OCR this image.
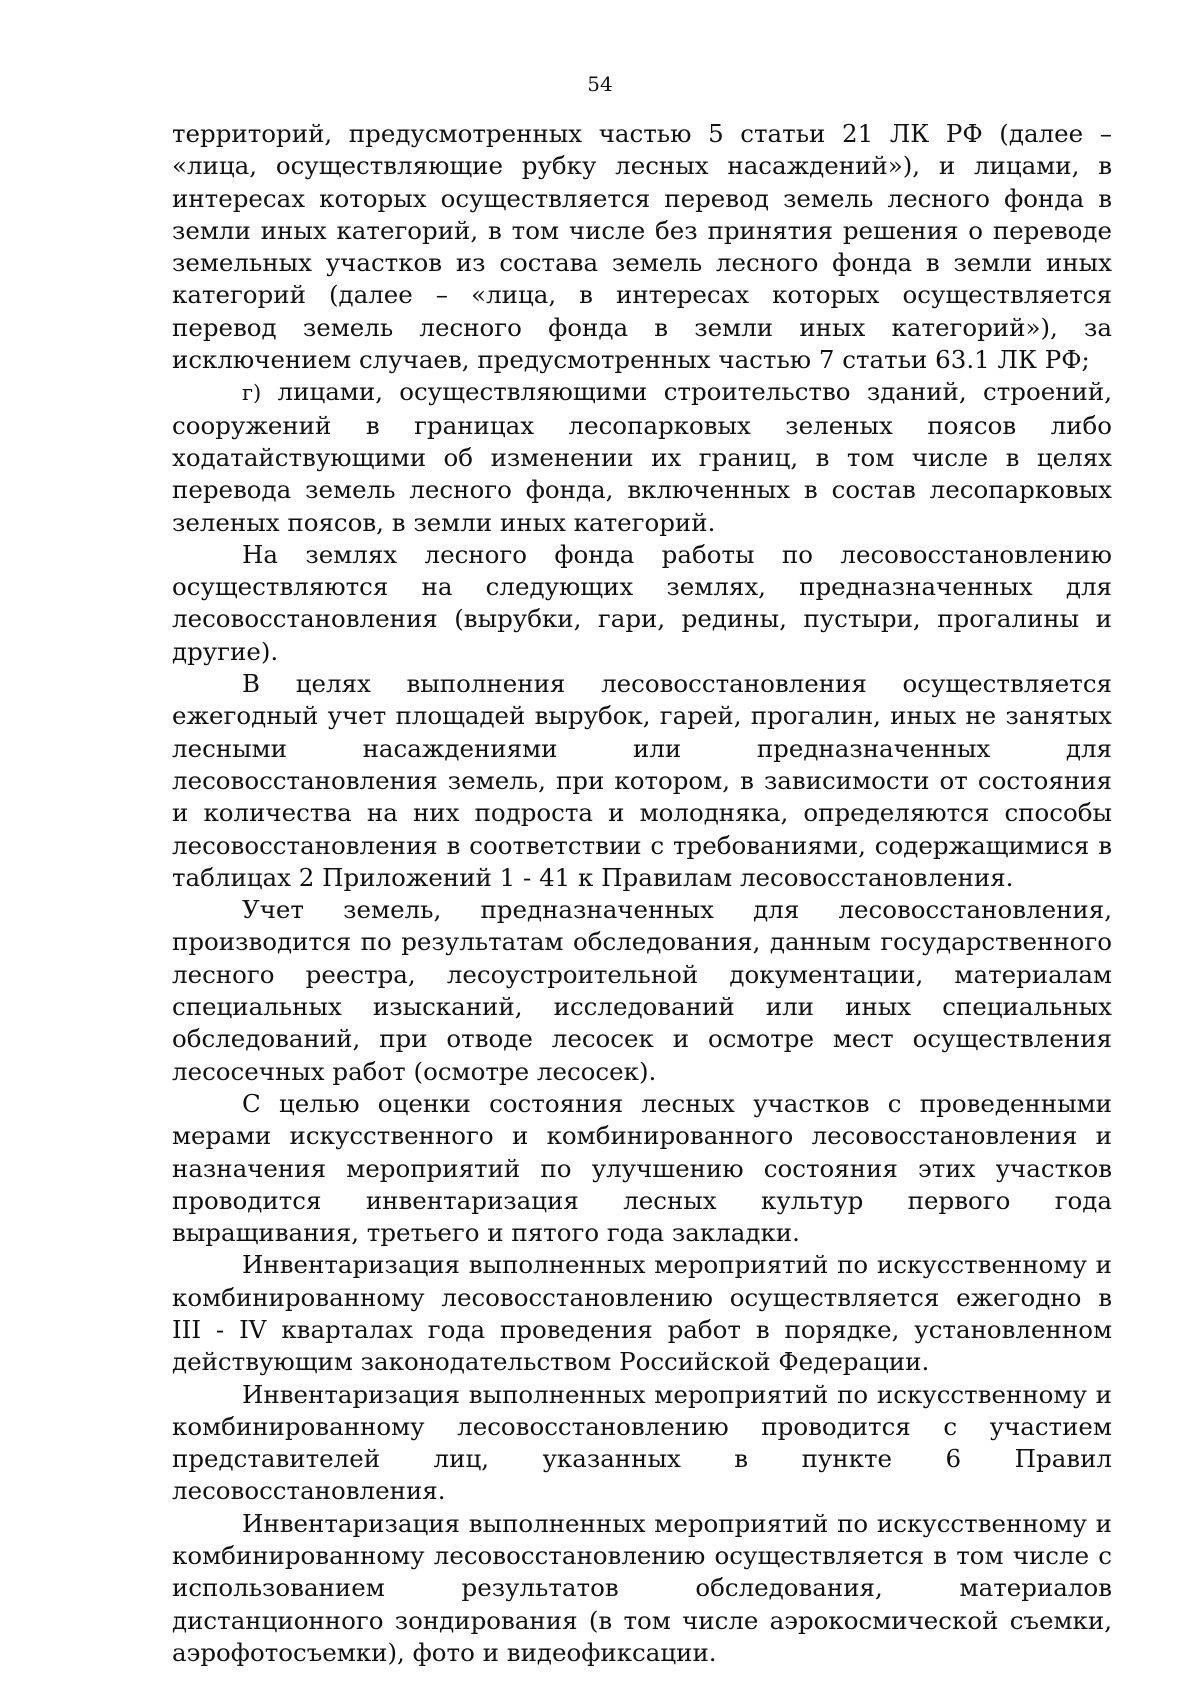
54

территорий, предусмотренных частью 5 статьи 21 ЛК РФ (далее – «лица, осуществляющие рубку лесных насаждений»), и лицами, в интересах которых осуществляется перевод земель лесного фонда в земли иных категорий, в том числе без принятия решения о переводе земельных участков из состава земель лесного фонда в земли иных категорий (далее – «лица, в интересах которых осуществляется перевод земель лесного фонда в земли иных категорий»), за исключением случаев, предусмотренных частью 7 статьи 63.1 ЛК РФ;

г) лицами, осуществляющими строительство зданий, строений, сооружений в границах лесопарковых зеленых поясов либо ходатайствующими об изменении их границ, в том числе в целях перевода земель лесного фонда, включенных в состав лесопарковых зеленых поясов, в земли иных категорий.

На землях лесного фонда работы по лесовосстановлению осуществляются на следующих землях, предназначенных для лесовосстановления (вырубки, гари, редины, пустыри, прогалины и другие).

В целях выполнения лесовосстановления осуществляется ежегодный учет площадей вырубок, гарей, прогалин, иных не занятых лесными насаждениями или предназначенных для лесовосстановления земель, при котором, в зависимости от состояния и количества на них подроста и молодняка, определяются способы лесовосстановления в соответствии с требованиями, содержащимися в таблицах 2 Приложений 1 - 41 к Правилам лесовосстановления.

Учет земель, предназначенных для лесовосстановления, производится по результатам обследования, данным государственного лесного реестра, лесоустроительной документации, материалам специальных изысканий, исследований или иных специальных обследований, при отводе лесосек и осмотре мест осуществления лесосечных работ (осмотре лесосек).

С целью оценки состояния лесных участков с проведенными мерами искусственного и комбинированного лесовосстановления и назначения мероприятий по улучшению состояния этих участков проводится инвентаризация лесных культур первого года выращивания, третьего и пятого года закладки.

Инвентаризация выполненных мероприятий по искусственному и комбинированному лесовосстановлению осуществляется ежегодно в III - IV кварталах года проведения работ в порядке, установленном действующим законодательством Российской Федерации.

Инвентаризация выполненных мероприятий по искусственному и комбинированному лесовосстановлению проводится с участием представителей лиц, указанных в пункте 6 Правил лесовосстановления.

Инвентаризация выполненных мероприятий по искусственному и комбинированному лесовосстановлению осуществляется в том числе с использованием результатов обследования, материалов дистанционного зондирования (в том числе аэрокосмической съемки, аэрофотосъемки), фото и видеофиксации.
